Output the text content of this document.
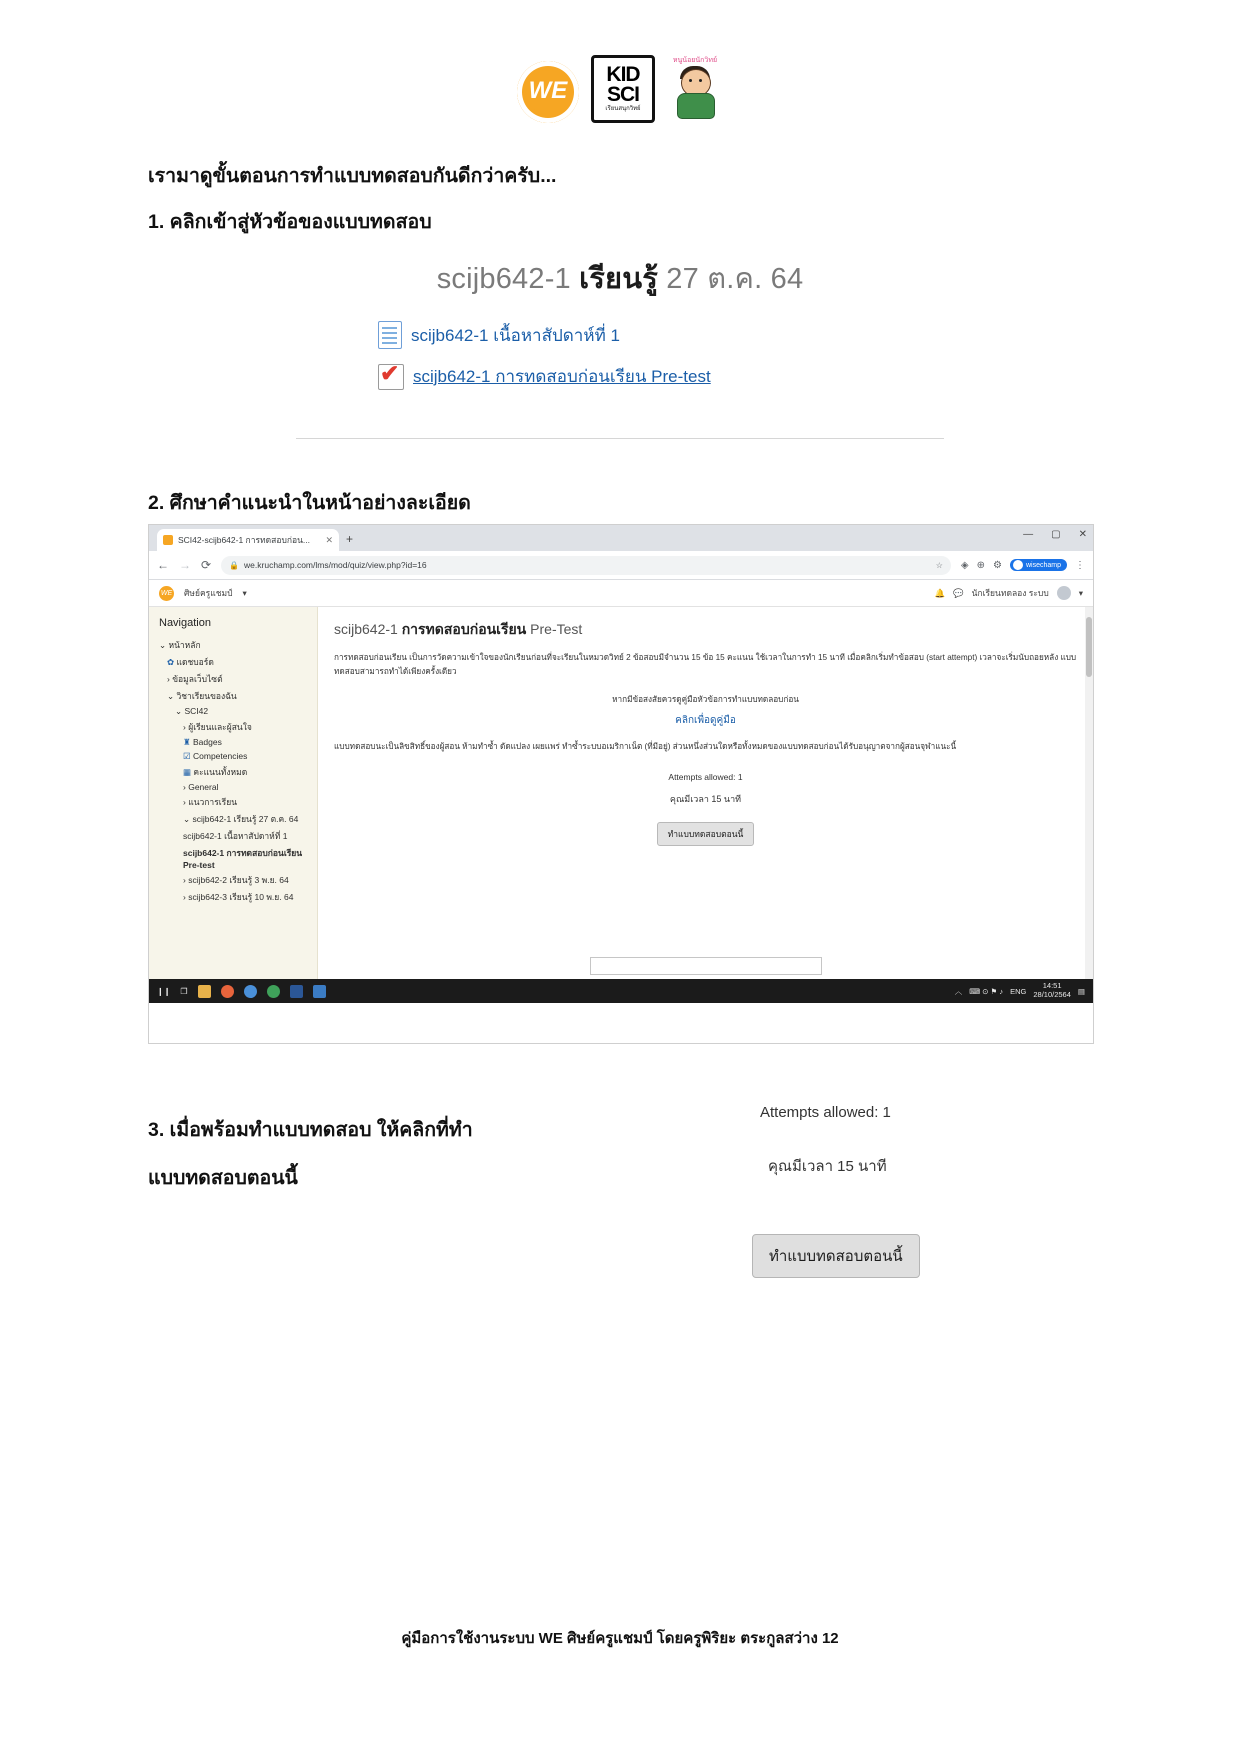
WE
KID
SCI
เรียนสนุกวิทย์
หนูน้อยนักวิทย์
เรามาดูขั้นตอนการทำแบบทดสอบกันดีกว่าครับ...
1. คลิกเข้าสู่หัวข้อของแบบทดสอบ
scijb642-1 เรียนรู้ 27 ต.ค. 64
scijb642-1 เนื้อหาสัปดาห์ที่ 1
✔
scijb642-1 การทดสอบก่อนเรียน Pre-test
2. ศึกษาคำแนะนำในหน้าอย่างละเอียด
SCI42-scijb642-1 การทดสอบก่อน... ✕ +	— ▢ ✕
← → ⟳ 🔒 we.kruchamp.com/lms/mod/quiz/view.php?id=16	☆ ◈ ⊕ ⚙	wisechamp ⋮
WE ศิษย์ครูแชมป์ ▾	🔔 💬 นักเรียนทดลอง ระบบ	▾
Navigation
⌄ หน้าหลัก
✿ แดชบอร์ด
› ข้อมูลเว็บไซต์
⌄ วิชาเรียนของฉัน
⌄ SCI42
› ผู้เรียนและผู้สนใจ
♜ Badges
☑ Competencies
▦ คะแนนทั้งหมด
› General
› แนวการเรียน
⌄ scijb642-1 เรียนรู้ 27 ต.ค. 64
scijb642-1 เนื้อหาสัปดาห์ที่ 1
scijb642-1 การทดสอบก่อนเรียน Pre-test
› scijb642-2 เรียนรู้ 3 พ.ย. 64
› scijb642-3 เรียนรู้ 10 พ.ย. 64
scijb642-1 การทดสอบก่อนเรียน Pre-Test
การทดสอบก่อนเรียน เป็นการวัดความเข้าใจของนักเรียนก่อนที่จะเรียนในหมวดวิทย์ 2 ข้อสอบมีจำนวน 15 ข้อ 15 คะแนน ใช้เวลาในการทำ 15 นาที เมื่อคลิกเริ่มทำข้อสอบ (start attempt) เวลาจะเริ่มนับถอยหลัง แบบทดสอบสามารถทำได้เพียงครั้งเดียว
หากมีข้อสงสัยควรดูคู่มือหัวข้อการทำแบบทดลอบก่อน
คลิกเพื่อดูคู่มือ
แบบทดสอบนะเป็นลิขสิทธิ์ของผู้สอน ห้ามทำซ้ำ ดัดแปลง เผยแพร่ ทำซ้ำระบบอเมริกาเน็ต (ที่มีอยู่) ส่วนหนึ่งส่วนใดหรือทั้งหมดของแบบทดสอบก่อนได้รับอนุญาตจากผู้สอนจุฬาแนะนี้
Attempts allowed: 1
คุณมีเวลา 15 นาที
ทำแบบทดสอบตอนนี้
❙❙ ❐	︿ ⌨ ⊙ ⚑ ♪ ENG
14:51
28/10/2564 ▤
3. เมื่อพร้อมทำแบบทดสอบ ให้คลิกที่ทำ
แบบทดสอบตอนนี้
Attempts allowed: 1
คุณมีเวลา 15 นาที
ทำแบบทดสอบตอนนี้
คู่มือการใช้งานระบบ WE ศิษย์ครูแชมป์ โดยครูพิริยะ ตระกูลสว่าง 12
